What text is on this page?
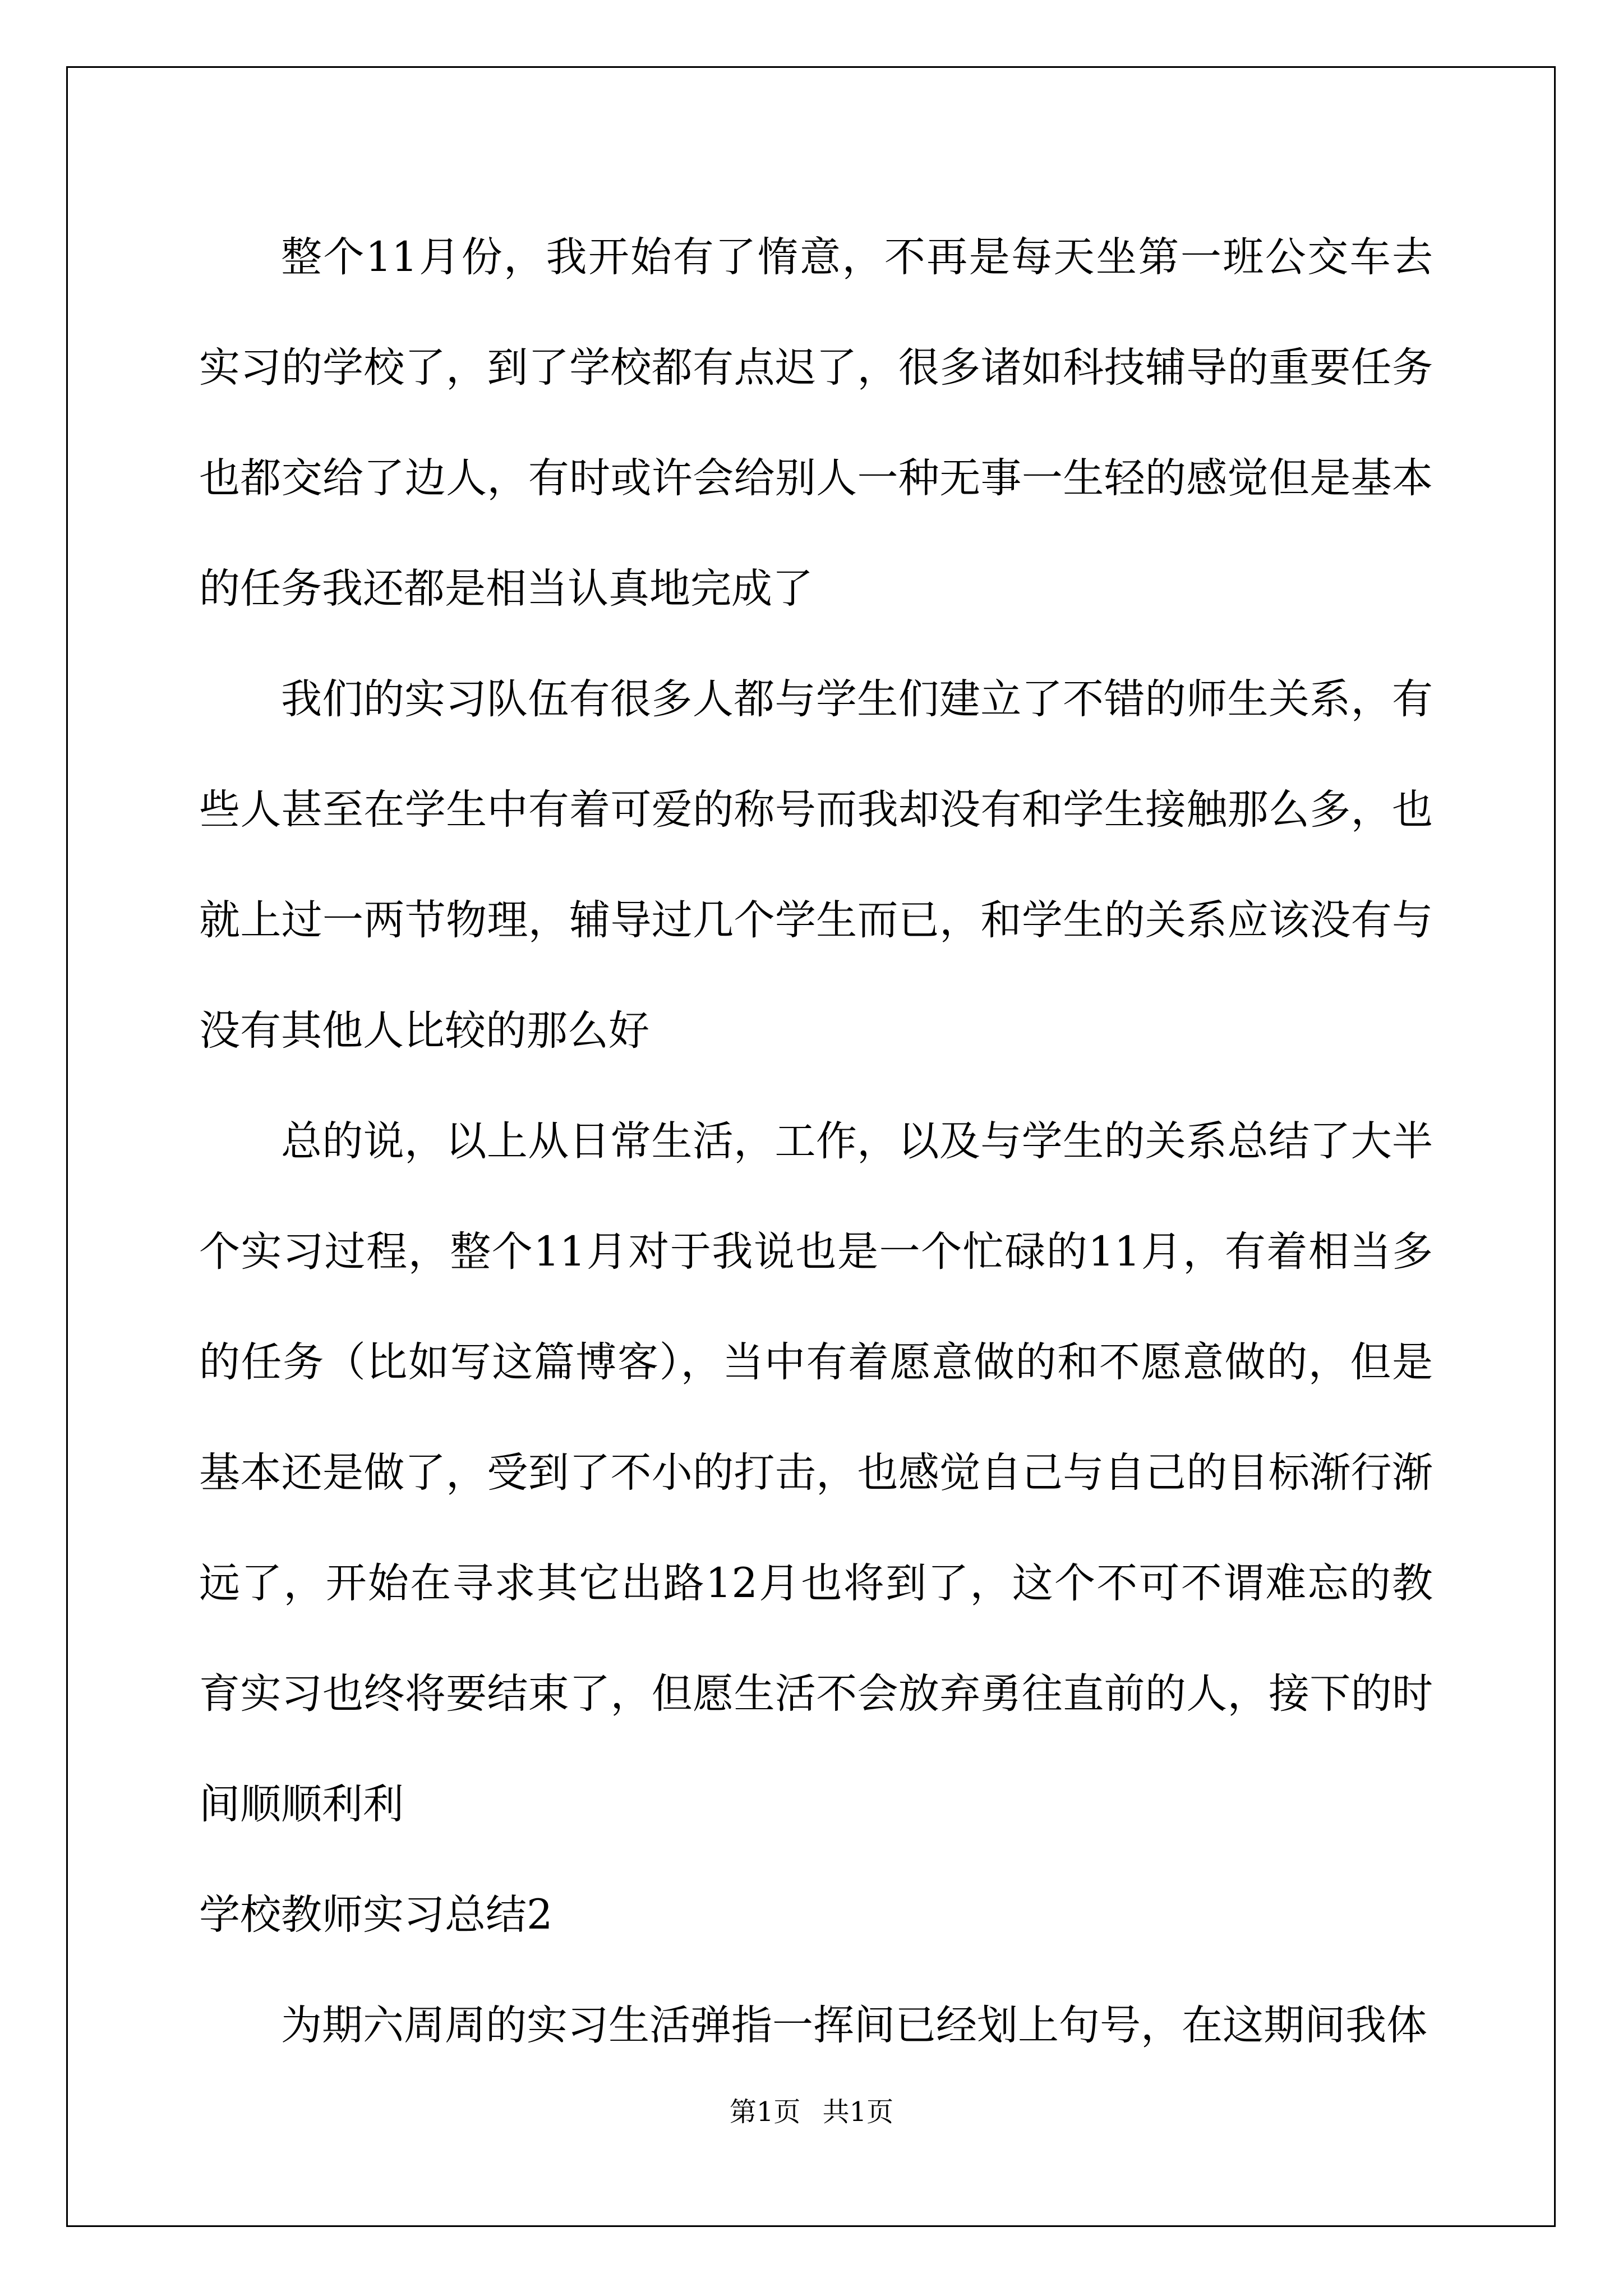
整个11月份，我开始有了惰意，不再是每天坐第一班公交车去实习的学校了，到了学校都有点迟了，很多诸如科技辅导的重要任务也都交给了边人，有时或许会给别人一种无事一生轻的感觉但是基本的任务我还都是相当认真地完成了

我们的实习队伍有很多人都与学生们建立了不错的师生关系，有些人甚至在学生中有着可爱的称号而我却没有和学生接触那么多，也就上过一两节物理，辅导过几个学生而已，和学生的关系应该没有与没有其他人比较的那么好

总的说，以上从日常生活，工作，以及与学生的关系总结了大半个实习过程，整个11月对于我说也是一个忙碌的11月，有着相当多的任务（比如写这篇博客），当中有着愿意做的和不愿意做的，但是基本还是做了，受到了不小的打击，也感觉自己与自己的目标渐行渐远了，开始在寻求其它出路12月也将到了，这个不可不谓难忘的教育实习也终将要结束了，但愿生活不会放弃勇往直前的人，接下的时间顺顺利利

学校教师实习总结2

为期六周周的实习生活弹指一挥间已经划上句号，在这期间我体

第1页 共1页
